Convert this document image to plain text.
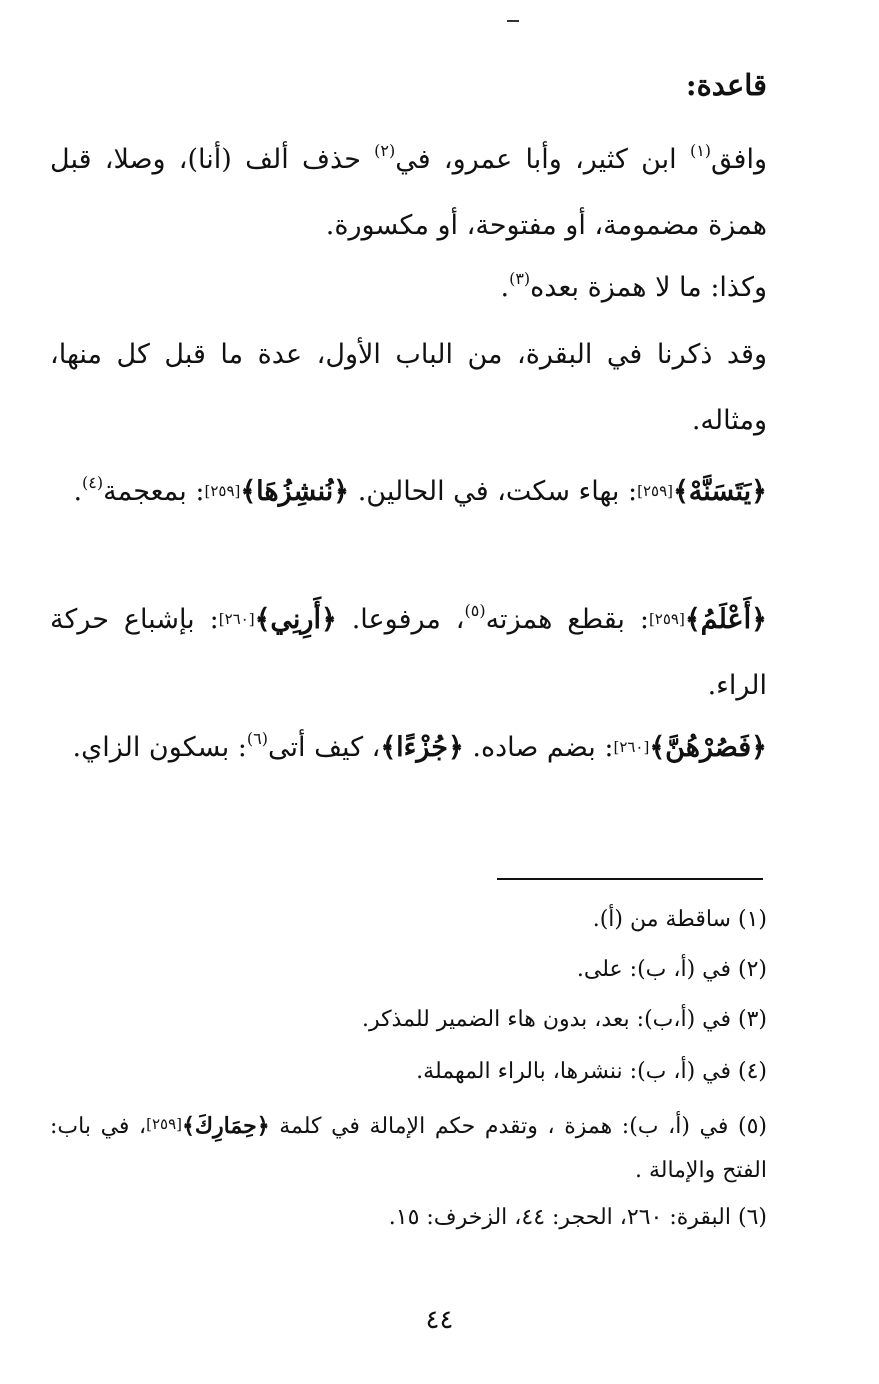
قاعدة:
وافق$^{(١)}$ ابن كثير، وأبا عمرو، في$^{(٢)}$ حذف ألف (أنا)، وصلا، قبل همزة مضمومة، أو مفتوحة، أو مكسورة.
وكذا: ما لا همزة بعده$^{(٣)}$.
وقد ذكرنا في البقرة، من الباب الأول، عدة ما قبل كل منها، ومثاله.
﴿يَتَسَنَّهْ﴾[٢٥٩]: بهاء سكت، في الحالين. ﴿نُنشِزُهَا﴾[٢٥٩]: بمعجمة$^{(٤)}$.
﴿أَعْلَمُ﴾[٢٥٩]: بقطع همزته$^{(٥)}$، مرفوعا. ﴿أَرِنِي﴾[٢٦٠]: بإشباع حركة الراء.
﴿فَصُرْهُنَّ﴾[٢٦٠]: بضم صاده. ﴿جُزْءًا﴾، كيف أتى$^{(٦)}$: بسكون الزاي.
(١) ساقطة من (أ).
(٢) في (أ، ب): على.
(٣) في (أ،ب): بعد، بدون هاء الضمير للمذكر.
(٤) في (أ، ب): ننشرها، بالراء المهملة.
(٥) في (أ، ب): همزة ، وتقدم حكم الإمالة في كلمة ﴿حِمَارِكَ﴾[٢٥٩]، في باب: الفتح والإمالة .
(٦) البقرة: ٢٦٠، الحجر: ٤٤، الزخرف: ١٥.
٤٤
